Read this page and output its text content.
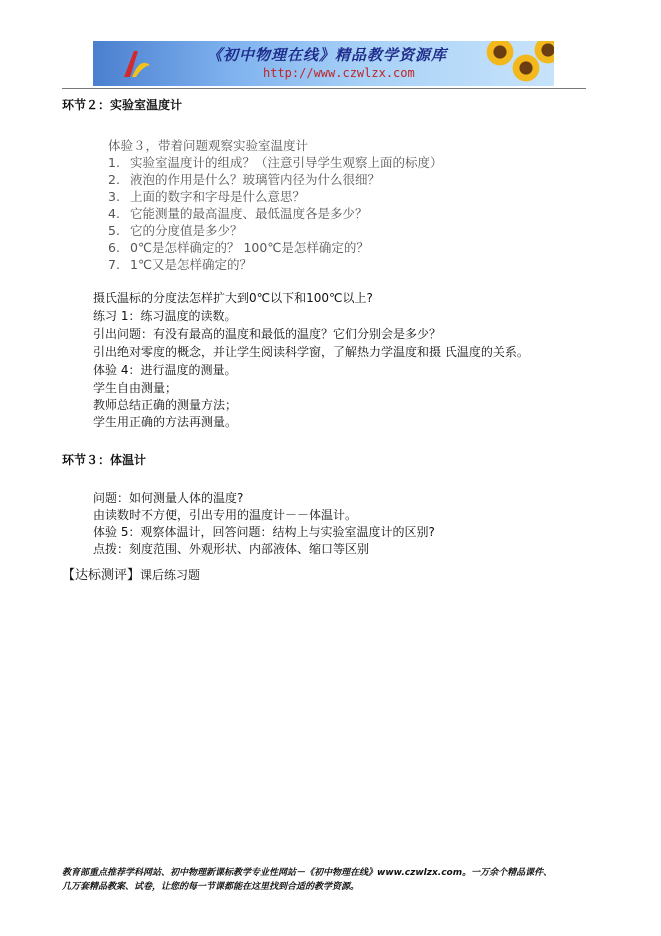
《初中物理在线》精品教学资源库
http://www.czwlzx.com
环节２：实验室温度计
体验３，带着问题观察实验室温度计
1. 实验室温度计的组成？（注意引导学生观察上面的标度）
2. 液泡的作用是什么？玻璃管内径为什么很细？
3. 上面的数字和字母是什么意思？
4. 它能测量的最高温度、最低温度各是多少？
5. 它的分度值是多少？
6. 0℃是怎样确定的？ 100℃是怎样确定的？
7. 1℃又是怎样确定的？
摄氏温标的分度法怎样扩大到0℃以下和100℃以上?
练习 1：练习温度的读数。
引出问题：有没有最高的温度和最低的温度？它们分别会是多少？
引出绝对零度的概念，并让学生阅读科学窗，了解热力学温度和摄 氏温度的关系。
体验 4：进行温度的测量。
学生自由测量；
教师总结正确的测量方法；
学生用正确的方法再测量。
环节３：体温计
问题：如何测量人体的温度?
由读数时不方便，引出专用的温度计－－体温计。
体验 5：观察体温计，回答问题：结构上与实验室温度计的区别?
点拨：刻度范围、外观形状、内部液体、缩口等区别
【达标测评】课后练习题
教育部重点推荐学科网站、初中物理新课标教学专业性网站－《初中物理在线》www.czwlzx.com。一万余个精品课件、
几万套精品教案、试卷，让您的每一节课都能在这里找到合适的教学资源。
